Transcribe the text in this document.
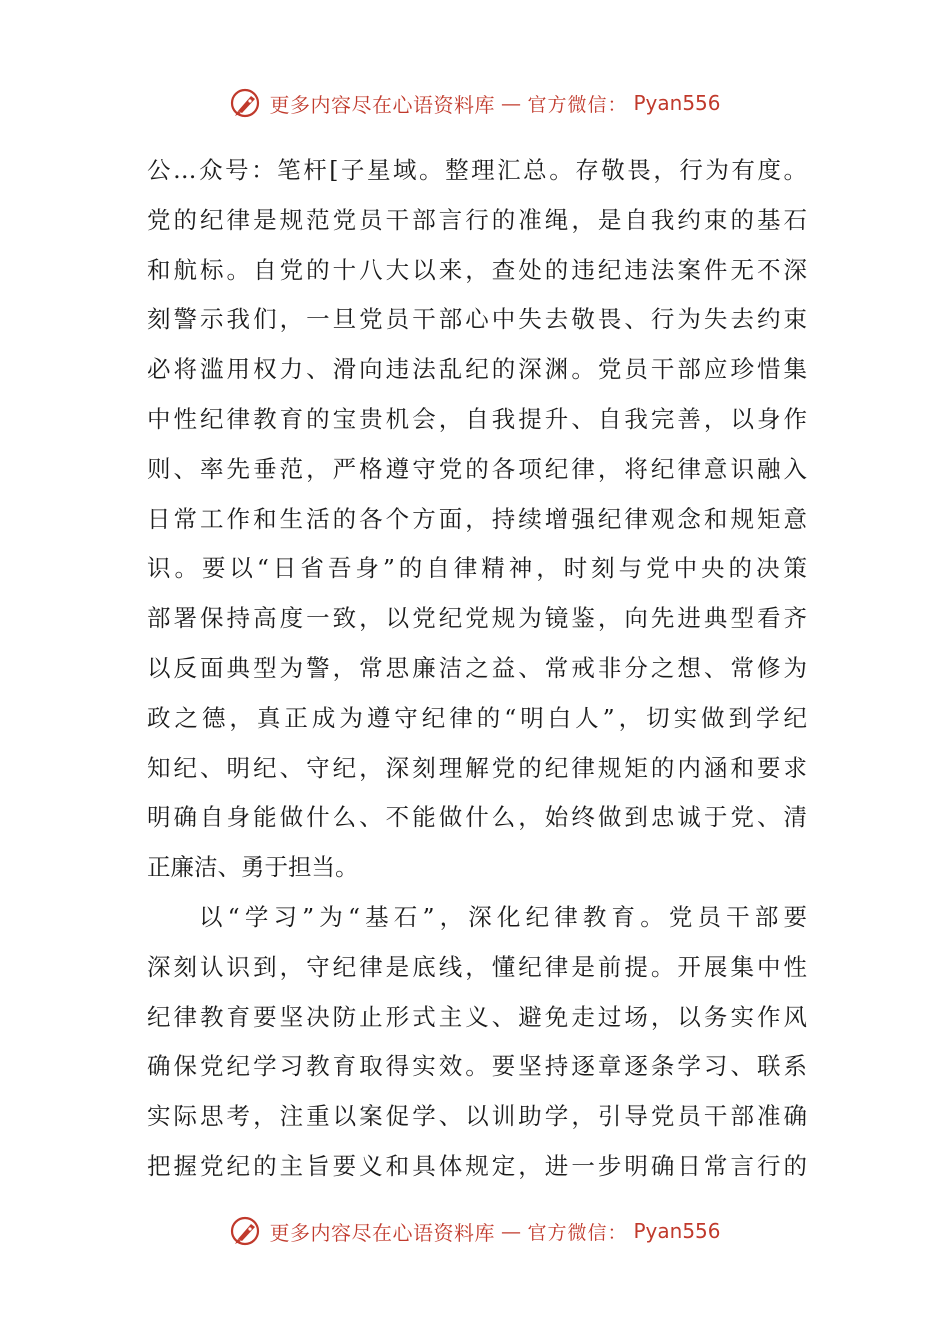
更多内容尽在心语资料库 — 官方微信： Pyan556
公…众号：笔杆[子星域。整理汇总。存敬畏，行为有度。
党的纪律是规范党员干部言行的准绳，是自我约束的基石
和航标。自党的十八大以来，查处的违纪违法案件无不深
刻警示我们，一旦党员干部心中失去敬畏、行为失去约束
必将滥用权力、滑向违法乱纪的深渊。党员干部应珍惜集
中性纪律教育的宝贵机会，自我提升、自我完善，以身作
则、率先垂范，严格遵守党的各项纪律，将纪律意识融入
日常工作和生活的各个方面，持续增强纪律观念和规矩意
识。要以“日省吾身”的自律精神，时刻与党中央的决策
部署保持高度一致，以党纪党规为镜鉴，向先进典型看齐
以反面典型为警，常思廉洁之益、常戒非分之想、常修为
政之德，真正成为遵守纪律的“明白人”，切实做到学纪
知纪、明纪、守纪，深刻理解党的纪律规矩的内涵和要求
明确自身能做什么、不能做什么，始终做到忠诚于党、清
正廉洁、勇于担当。
以“学习”为“基石”，深化纪律教育。党员干部要
深刻认识到，守纪律是底线，懂纪律是前提。开展集中性
纪律教育要坚决防止形式主义、避免走过场，以务实作风
确保党纪学习教育取得实效。要坚持逐章逐条学习、联系
实际思考，注重以案促学、以训助学，引导党员干部准确
把握党纪的主旨要义和具体规定，进一步明确日常言行的
更多内容尽在心语资料库 — 官方微信： Pyan556
